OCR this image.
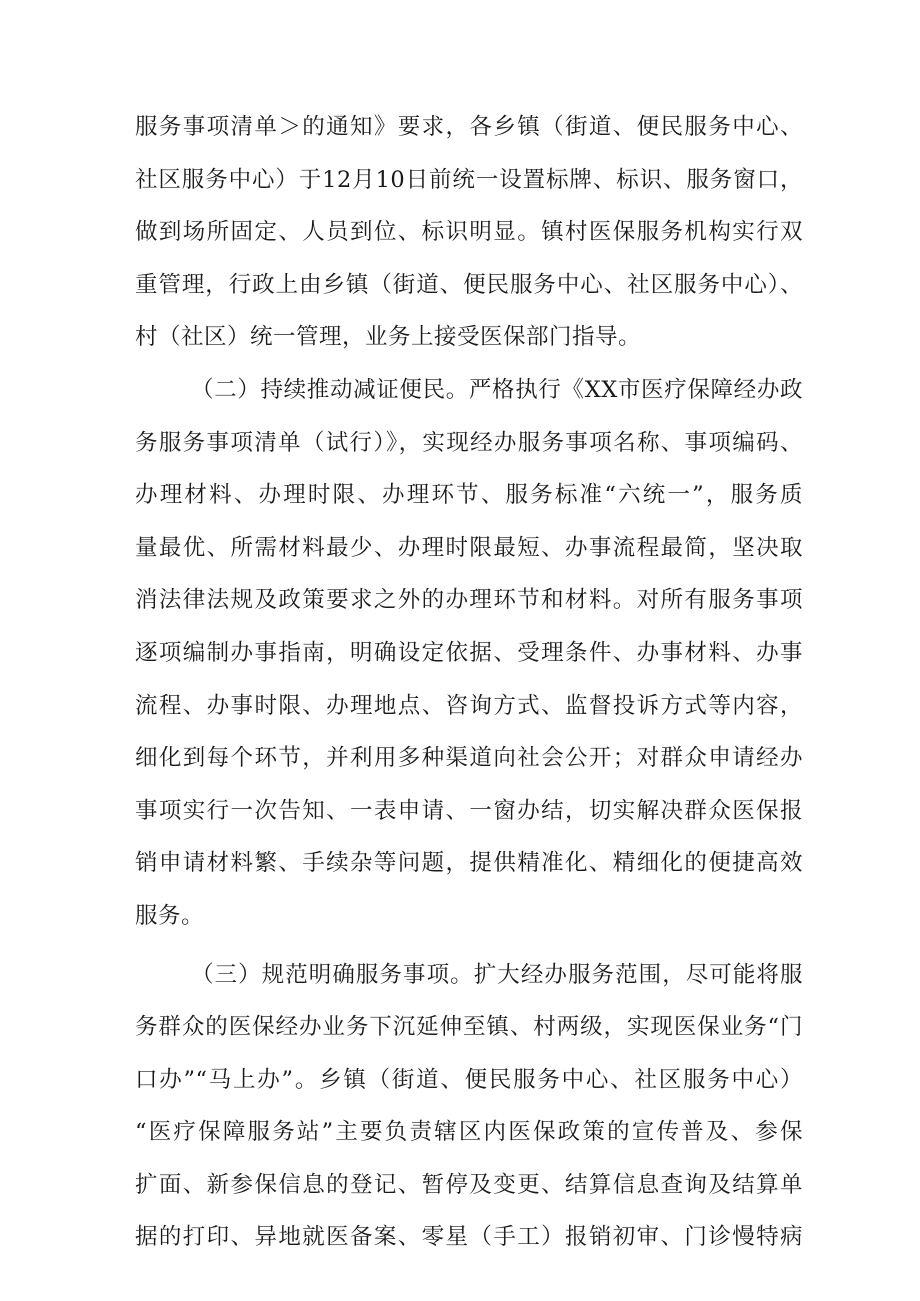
服务事项清单＞的通知》要求，各乡镇（街道、便民服务中心、
社区服务中心）于12月10日前统一设置标牌、标识、服务窗口，
做到场所固定、人员到位、标识明显。镇村医保服务机构实行双
重管理，行政上由乡镇（街道、便民服务中心、社区服务中心）、
村（社区）统一管理，业务上接受医保部门指导。
（二）持续推动减证便民。严格执行《XX市医疗保障经办政
务服务事项清单（试行）》，实现经办服务事项名称、事项编码、
办理材料、办理时限、办理环节、服务标准“六统一”，服务质
量最优、所需材料最少、办理时限最短、办事流程最简，坚决取
消法律法规及政策要求之外的办理环节和材料。对所有服务事项
逐项编制办事指南，明确设定依据、受理条件、办事材料、办事
流程、办事时限、办理地点、咨询方式、监督投诉方式等内容，
细化到每个环节，并利用多种渠道向社会公开；对群众申请经办
事项实行一次告知、一表申请、一窗办结，切实解决群众医保报
销申请材料繁、手续杂等问题，提供精准化、精细化的便捷高效
服务。
（三）规范明确服务事项。扩大经办服务范围，尽可能将服
务群众的医保经办业务下沉延伸至镇、村两级，实现医保业务“门
口办”“马上办”。乡镇（街道、便民服务中心、社区服务中心）
“医疗保障服务站”主要负责辖区内医保政策的宣传普及、参保
扩面、新参保信息的登记、暂停及变更、结算信息查询及结算单
据的打印、异地就医备案、零星（手工）报销初审、门诊慢特病
